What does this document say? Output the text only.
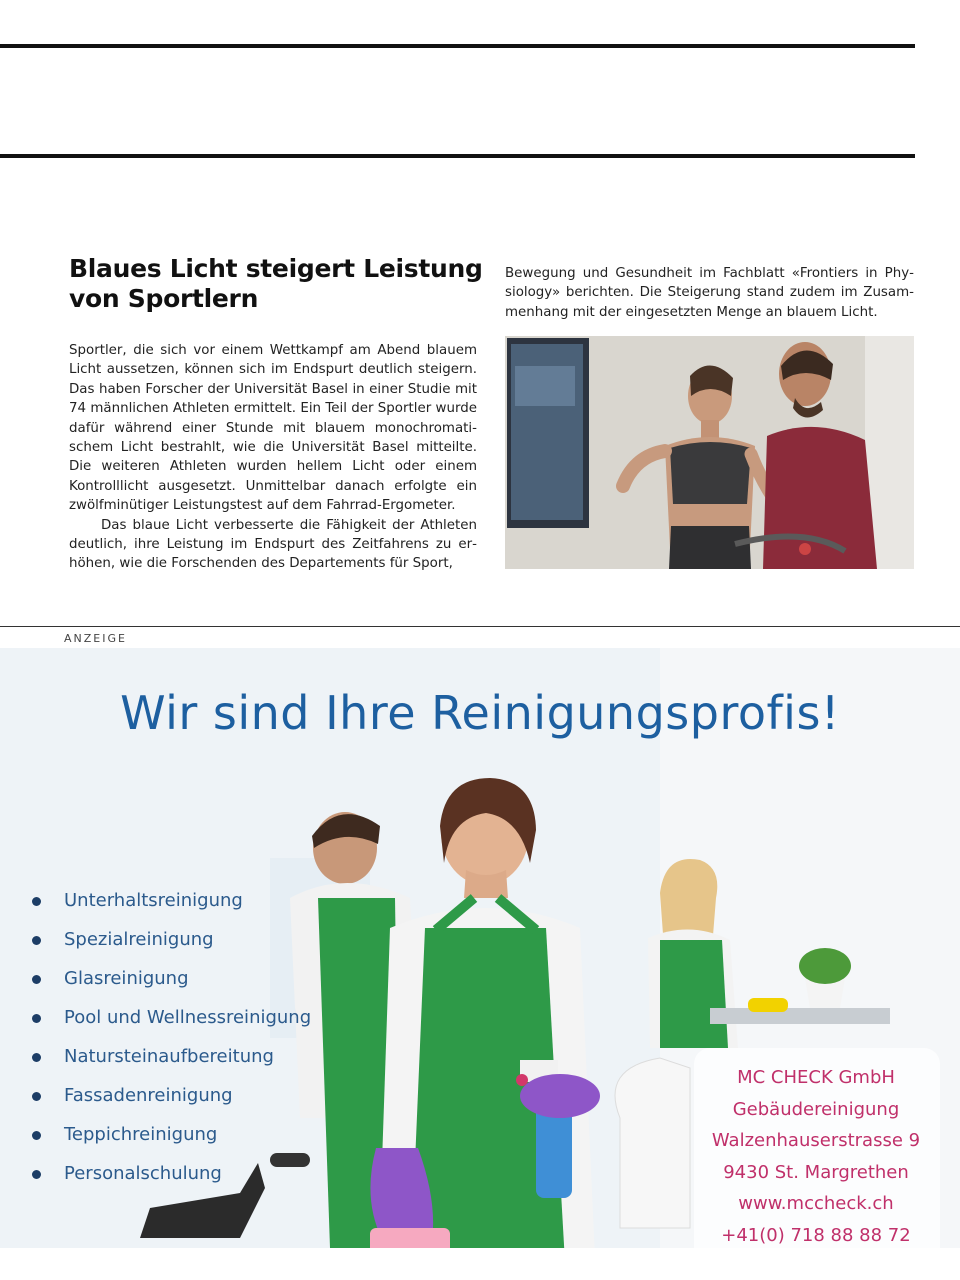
Blaues Licht steigert Leistung von Sportlern

Sportler, die sich vor einem Wettkampf am Abend blauem Licht aussetzen, können sich im Endspurt deutlich steigern. Das haben Forscher der Universität Basel in einer Studie mit 74 männlichen Athleten ermittelt. Ein Teil der Sportler wurde dafür während einer Stunde mit blauem monochromatischem Licht bestrahlt, wie die Universität Basel mitteilte. Die weiteren Athleten wurden hellem Licht oder einem Kontrolllicht ausgesetzt. Unmittelbar danach erfolgte ein zwölfminütiger Leistungstest auf dem Fahrrad-Ergometer.

Das blaue Licht verbesserte die Fähigkeit der Athleten deutlich, ihre Leistung im Endspurt des Zeitfahrens zu erhöhen, wie die Forschenden des Departements für Sport,

Bewegung und Gesundheit im Fachblatt «Frontiers in Physiology» berichten. Die Steigerung stand zudem im Zusammenhang mit der eingesetzten Menge an blauem Licht.

ANZEIGE
Wir sind Ihre Reinigungsprofis!
Unterhaltsreinigung
Spezialreinigung
Glasreinigung
Pool und Wellnessreinigung
Natursteinaufbereitung
Fassadenreinigung
Teppichreinigung
Personalschulung
MC CHECK GmbH
Gebäudereinigung
Walzenhauserstrasse 9
9430 St. Margrethen
www.mccheck.ch
+41(0) 718 88 88 72
